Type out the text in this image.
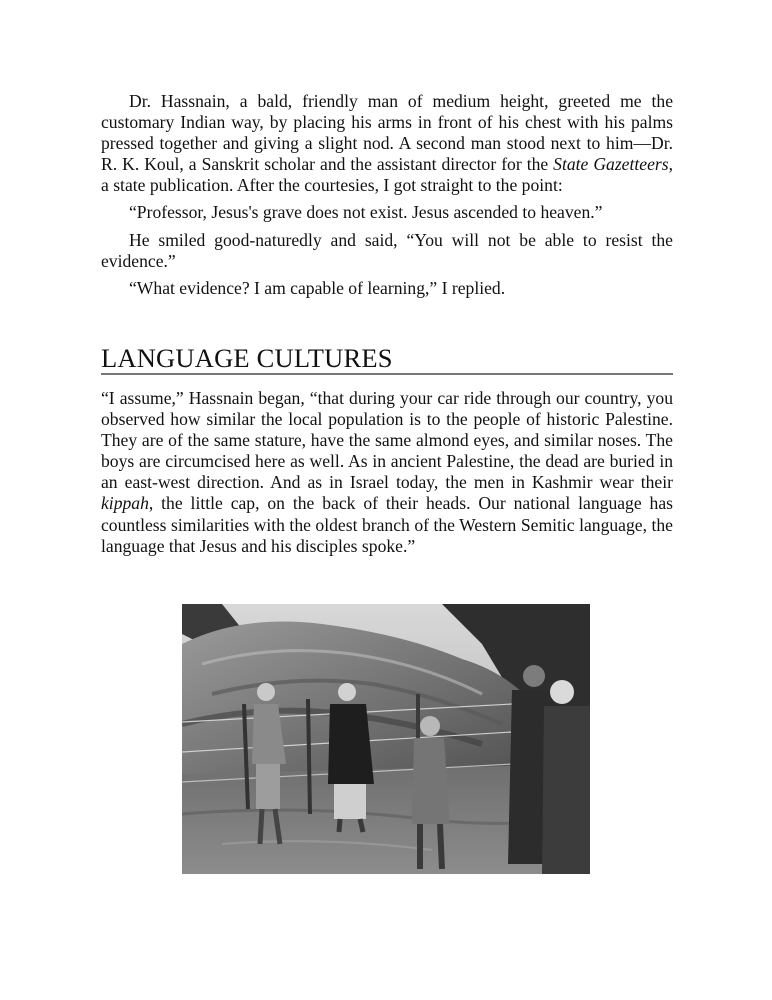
Dr. Hassnain, a bald, friendly man of medium height, greeted me the customary Indian way, by placing his arms in front of his chest with his palms pressed together and giving a slight nod. A second man stood next to him—Dr. R. K. Koul, a Sanskrit scholar and the assistant director for the State Gazetteers, a state publication. After the courtesies, I got straight to the point:

“Professor, Jesus's grave does not exist. Jesus ascended to heaven.”

He smiled good-naturedly and said, “You will not be able to resist the evidence.”

“What evidence? I am capable of learning,” I replied.

LANGUAGE CULTURES

“I assume,” Hassnain began, “that during your car ride through our country, you observed how similar the local population is to the people of historic Palestine. They are of the same stature, have the same almond eyes, and similar noses. The boys are circumcised here as well. As in ancient Palestine, the dead are buried in an east-west direction. And as in Israel today, the men in Kashmir wear their kippah, the little cap, on the back of their heads. Our national language has countless similarities with the oldest branch of the Western Semitic language, the language that Jesus and his disciples spoke.”
